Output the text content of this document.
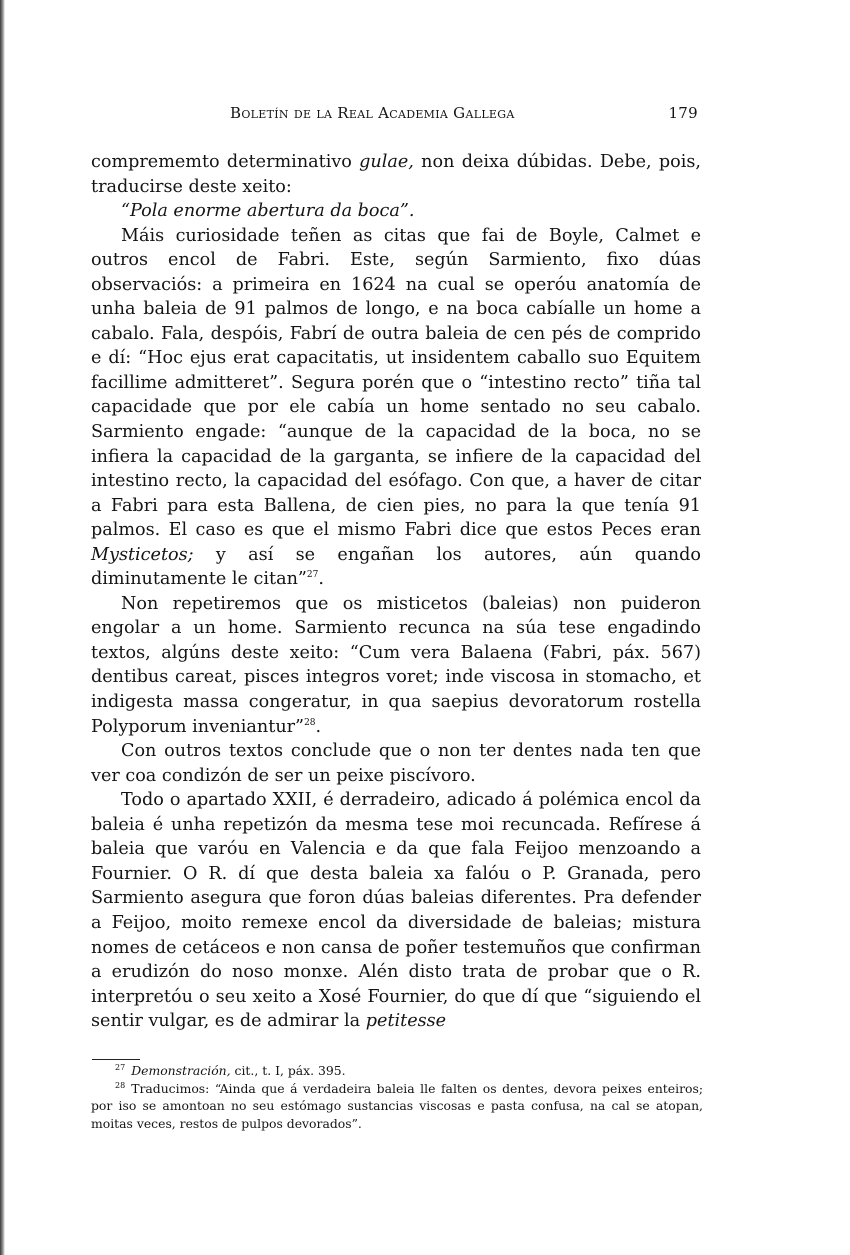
Boletín de la Real Academia Gallega	179

comprememto determinativo gulae, non deixa dúbidas. Debe, pois, traducirse deste xeito:

“Pola enorme abertura da boca”.

Máis curiosidade teñen as citas que fai de Boyle, Calmet e outros encol de Fabri. Este, según Sarmiento, fixo dúas observaciós: a primeira en 1624 na cual se operóu anatomía de unha baleia de 91 palmos de longo, e na boca cabíalle un home a cabalo. Fala, despóis, Fabrí de outra baleia de cen pés de comprido e dí: “Hoc ejus erat capacitatis, ut insidentem caballo suo Equitem facillime admitteret”. Segura porén que o “intestino recto” tiña tal capacidade que por ele cabía un home sentado no seu cabalo. Sarmiento engade: “aunque de la capacidad de la boca, no se infiera la capacidad de la garganta, se infiere de la capacidad del intestino recto, la capacidad del esófago. Con que, a haver de citar a Fabri para esta Ballena, de cien pies, no para la que tenía 91 palmos. El caso es que el mismo Fabri dice que estos Peces eran Mysticetos; y así se engañan los autores, aún quando diminutamente le citan”$^{27}$.

Non repetiremos que os misticetos (baleias) non puideron engolar a un home. Sarmiento recunca na súa tese engadindo textos, algúns deste xeito: “Cum vera Balaena (Fabri, páx. 567) dentibus careat, pisces integros voret; inde viscosa in stomacho, et indigesta massa congeratur, in qua saepius devoratorum rostella Polyporum inveniantur”$^{28}$.

Con outros textos conclude que o non ter dentes nada ten que ver coa condizón de ser un peixe piscívoro.

Todo o apartado XXII, é derradeiro, adicado á polémica encol da baleia é unha repetizón da mesma tese moi recuncada. Refírese á baleia que varóu en Valencia e da que fala Feijoo menzoando a Fournier. O R. dí que desta baleia xa falóu o P. Granada, pero Sarmiento asegura que foron dúas baleias diferentes. Pra defender a Feijoo, moito remexe encol da diversidade de baleias; mistura nomes de cetáceos e non cansa de poñer testemuños que confirman a erudizón do noso monxe. Alén disto trata de probar que o R. interpretóu o seu xeito a Xosé Fournier, do que dí que “siguiendo el sentir vulgar, es de admirar la petitesse

$^{27}$ Demonstración, cit., t. I, páx. 395.

$^{28}$ Traducimos: “Ainda que á verdadeira baleia lle falten os dentes, devora peixes enteiros; por iso se amontoan no seu estómago sustancias viscosas e pasta confusa, na cal se atopan, moitas veces, restos de pulpos devorados”.
